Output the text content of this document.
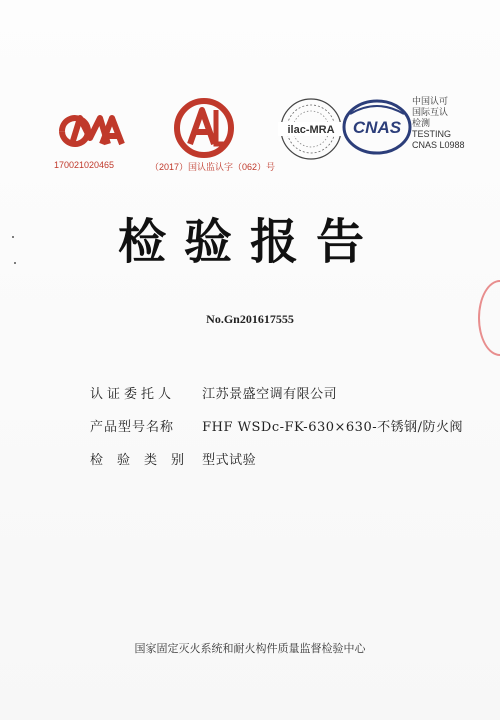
170021020465	（2017）国认监认字（062）号
ilac-MRA CNAS
中国认可
国际互认
检测
TESTING
CNAS L0988
检验报告
No.Gn201617555
认证委托人 江苏景盛空调有限公司
产品型号名称 FHF WSDc-FK-630×630-不锈钢/防火阀
检验类别 型式试验
国家固定灭火系统和耐火构件质量监督检验中心
